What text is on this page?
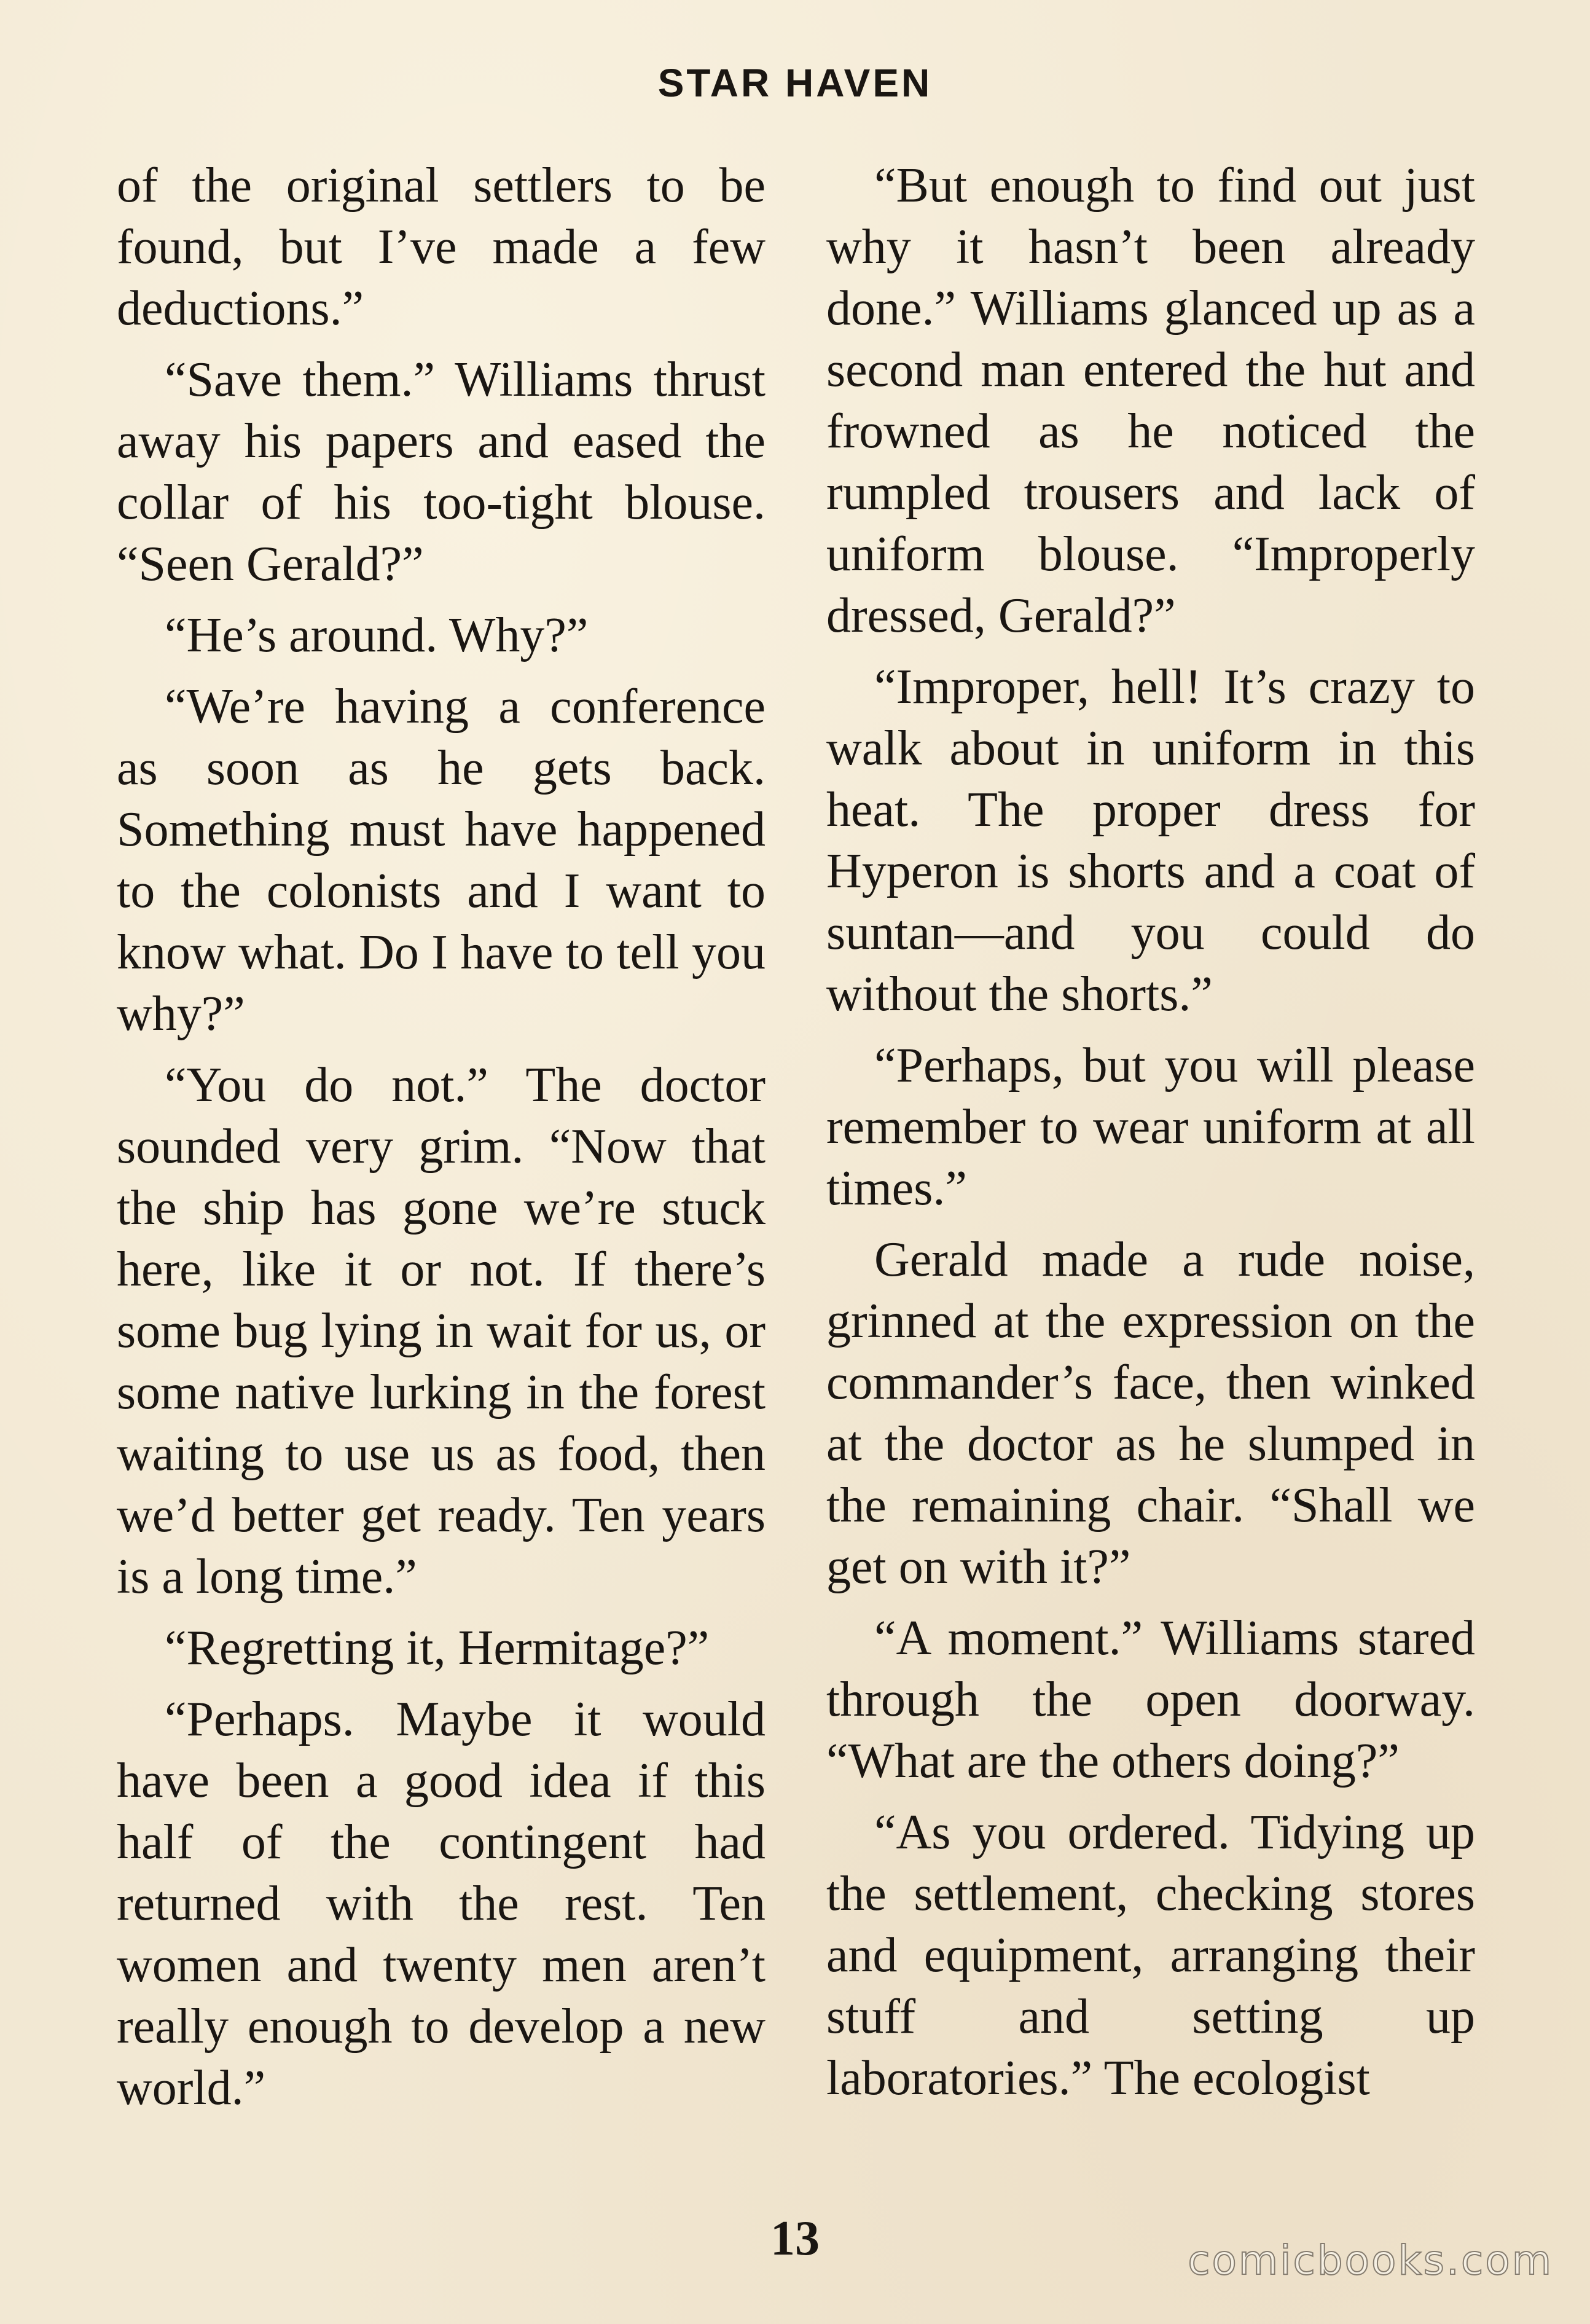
STAR HAVEN

of the original settlers to be found, but I’ve made a few deductions.”

“Save them.” Williams thrust away his papers and eased the collar of his too-tight blouse. “Seen Gerald?”

“He’s around. Why?”

“We’re having a conference as soon as he gets back. Something must have happened to the colonists and I want to know what. Do I have to tell you why?”

“You do not.” The doctor sounded very grim. “Now that the ship has gone we’re stuck here, like it or not. If there’s some bug lying in wait for us, or some native lurking in the forest waiting to use us as food, then we’d better get ready. Ten years is a long time.”

“Regretting it, Hermitage?”

“Perhaps. Maybe it would have been a good idea if this half of the contingent had returned with the rest. Ten women and twenty men aren’t really enough to develop a new world.”

“But enough to find out just why it hasn’t been already done.” Williams glanced up as a second man entered the hut and frowned as he noticed the rumpled trousers and lack of uniform blouse. “Improperly dressed, Gerald?”

“Improper, hell! It’s crazy to walk about in uniform in this heat. The proper dress for Hyperon is shorts and a coat of suntan—and you could do without the shorts.”

“Perhaps, but you will please remember to wear uniform at all times.”

Gerald made a rude noise, grinned at the expression on the commander’s face, then winked at the doctor as he slumped in the remaining chair. “Shall we get on with it?”

“A moment.” Williams stared through the open doorway. “What are the others doing?”

“As you ordered. Tidying up the settlement, checking stores and equipment, arranging their stuff and setting up laboratories.” The ecologist

13	comicbooks.com
